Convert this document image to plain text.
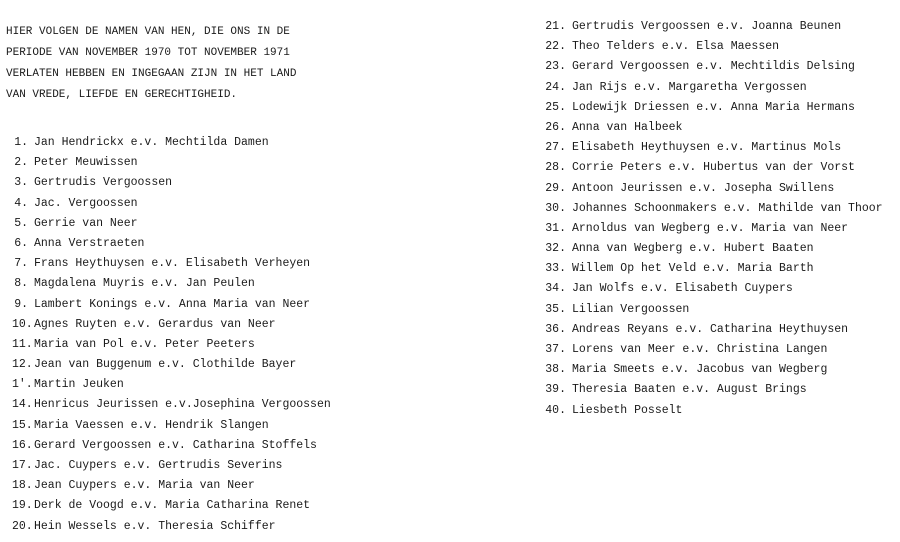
HIER VOLGEN DE NAMEN VAN HEN, DIE ONS IN DE
PERIODE VAN NOVEMBER 1970 TOT NOVEMBER 1971
VERLATEN HEBBEN EN INGEGAAN ZIJN IN HET LAND
VAN VREDE, LIEFDE EN GERECHTIGHEID.
1. Jan Hendrickx e.v. Mechtilda Damen
2. Peter Meuwissen
3. Gertrudis Vergoossen
4. Jac. Vergoossen
5. Gerrie van Neer
6. Anna Verstraeten
7. Frans Heythuysen e.v. Elisabeth Verheyen
8. Magdalena Muyris e.v. Jan Peulen
9. Lambert Konings e.v. Anna Maria van Neer
10.Agnes Ruyten e.v. Gerardus van Neer
11.Maria van Pol e.v. Peter Peeters
12.Jean van Buggenum e.v. Clothilde Bayer
1'.Martin Jeuken
14.Henricus Jeurissen e.v.Josephina Vergoossen
15.Maria Vaessen e.v. Hendrik Slangen
16.Gerard Vergoossen e.v. Catharina Stoffels
17.Jac. Cuypers e.v. Gertrudis Severins
18.Jean Cuypers e.v. Maria van Neer
19.Derk de Voogd e.v. Maria Catharina Renet
20.Hein Wessels e.v. Theresia Schiffer
21. Gertrudis Vergoossen e.v. Joanna Beunen
22. Theo Telders e.v. Elsa Maessen
23. Gerard Vergoossen e.v. Mechtildis Delsing
24. Jan Rijs e.v. Margaretha Vergossen
25. Lodewijk Driessen e.v. Anna Maria Hermans
26. Anna van Halbeek
27. Elisabeth Heythuysen e.v. Martinus Mols
28. Corrie Peters e.v. Hubertus van der Vorst
29. Antoon Jeurissen e.v. Josepha Swillens
30. Johannes Schoonmakers e.v. Mathilde van Thoor
31. Arnoldus van Wegberg e.v. Maria van Neer
32. Anna van Wegberg e.v. Hubert Baaten
33. Willem Op het Veld e.v. Maria Barth
34. Jan Wolfs e.v. Elisabeth Cuypers
35. Lilian Vergoossen
36. Andreas Reyans e.v. Catharina Heythuysen
37. Lorens van Meer e.v. Christina Langen
38. Maria Smeets e.v. Jacobus van Wegberg
39. Theresia Baaten e.v. August Brings
40. Liesbeth Posselt
